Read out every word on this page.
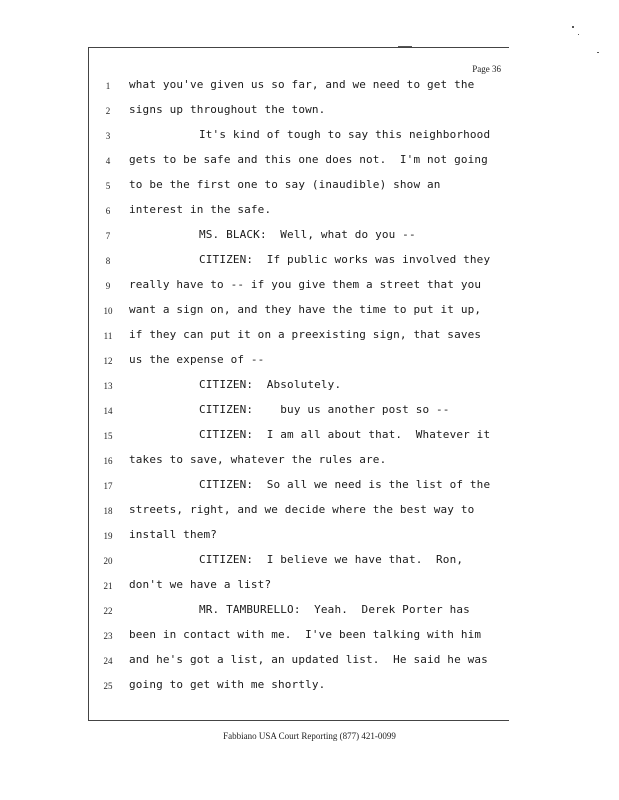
Page 36
1	what you've given us so far, and we need to get the
2	signs up throughout the town.
3	It's kind of tough to say this neighborhood
4	gets to be safe and this one does not.  I'm not going
5	to be the first one to say (inaudible) show an
6	interest in the safe.
7	MS. BLACK:  Well, what do you --
8	CITIZEN:  If public works was involved they
9	really have to -- if you give them a street that you
10	want a sign on, and they have the time to put it up,
11	if they can put it on a preexisting sign, that saves
12	us the expense of --
13	CITIZEN:  Absolutely.
14	CITIZEN:    buy us another post so --
15	CITIZEN:  I am all about that.  Whatever it
16	takes to save, whatever the rules are.
17	CITIZEN:  So all we need is the list of the
18	streets, right, and we decide where the best way to
19	install them?
20	CITIZEN:  I believe we have that.  Ron,
21	don't we have a list?
22	MR. TAMBURELLO:  Yeah.  Derek Porter has
23	been in contact with me.  I've been talking with him
24	and he's got a list, an updated list.  He said he was
25	going to get with me shortly.
Fabbiano USA Court Reporting (877) 421-0099
